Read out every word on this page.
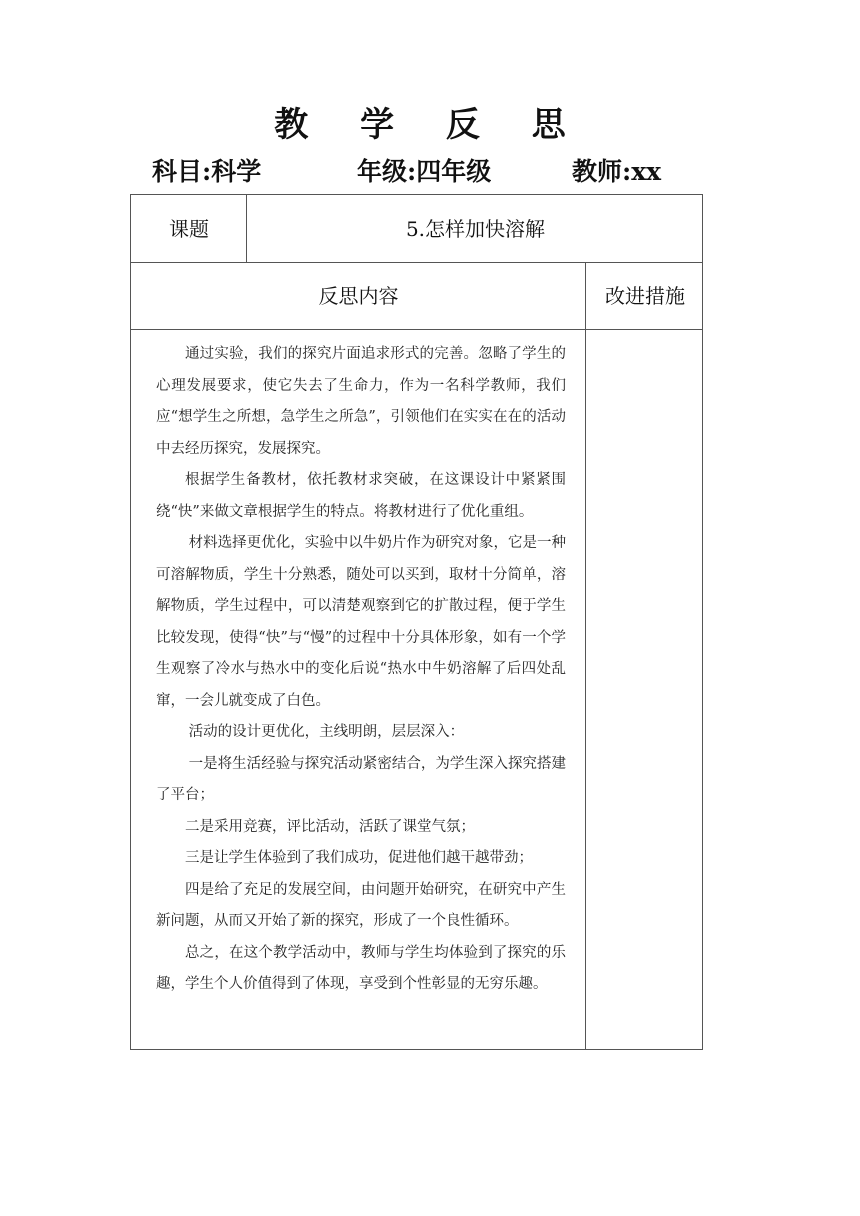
教 学 反 思
科目:科学	年级:四年级	教师:xx
课题	5.怎样加快溶解
反思内容	改进措施

通过实验，我们的探究片面追求形式的完善。忽略了学生的心理发展要求，使它失去了生命力，作为一名科学教师，我们应“想学生之所想，急学生之所急”，引领他们在实实在在的活动中去经历探究，发展探究。

根据学生备教材，依托教材求突破，在这课设计中紧紧围绕“快”来做文章根据学生的特点。将教材进行了优化重组。

材料选择更优化，实验中以牛奶片作为研究对象，它是一种可溶解物质，学生十分熟悉，随处可以买到，取材十分简单，溶解物质，学生过程中，可以清楚观察到它的扩散过程，便于学生比较发现，使得“快”与“慢”的过程中十分具体形象，如有一个学生观察了冷水与热水中的变化后说“热水中牛奶溶解了后四处乱窜，一会儿就变成了白色。

活动的设计更优化，主线明朗，层层深入：

一是将生活经验与探究活动紧密结合，为学生深入探究搭建了平台；

二是采用竞赛，评比活动，活跃了课堂气氛；

三是让学生体验到了我们成功，促进他们越干越带劲；

四是给了充足的发展空间，由问题开始研究，在研究中产生新问题，从而又开始了新的探究，形成了一个良性循环。

总之，在这个教学活动中，教师与学生均体验到了探究的乐趣，学生个人价值得到了体现，享受到个性彰显的无穷乐趣。
